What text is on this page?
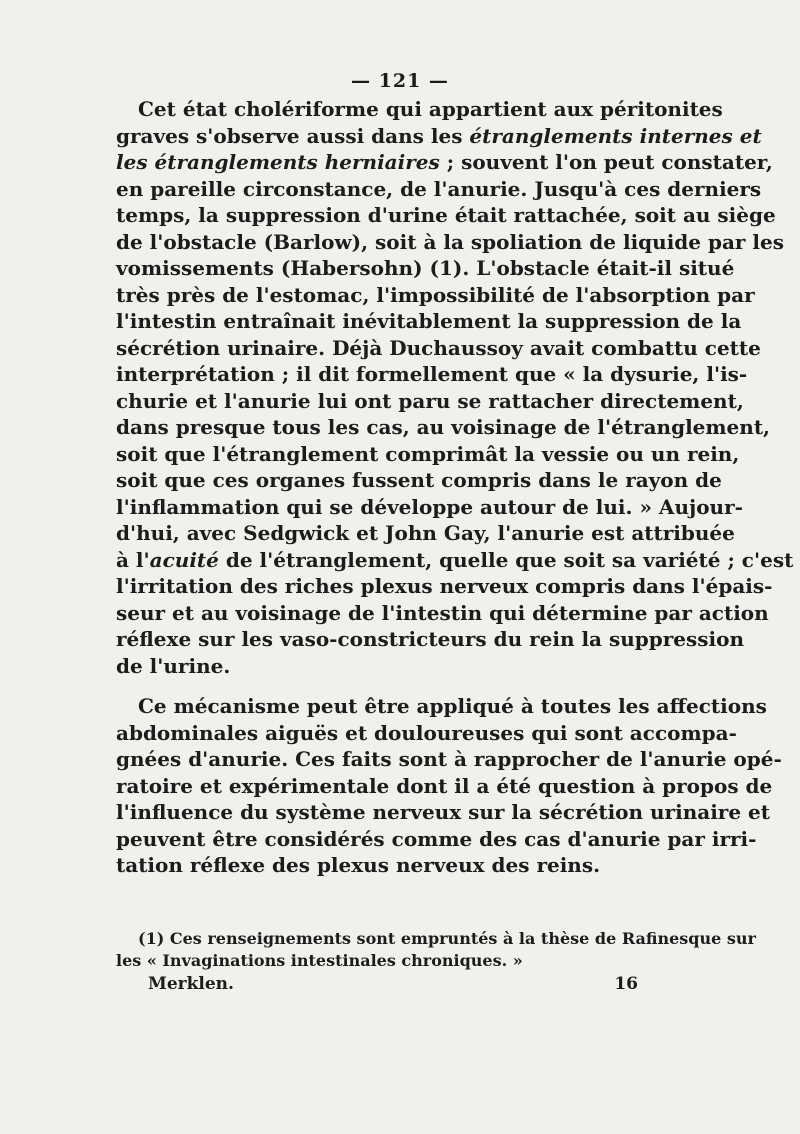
— 121 —
Cet état cholériforme qui appartient aux péritonites
graves s'observe aussi dans les étranglements internes et
les étranglements herniaires ; souvent l'on peut constater,
en pareille circonstance, de l'anurie. Jusqu'à ces derniers
temps, la suppression d'urine était rattachée, soit au siège
de l'obstacle (Barlow), soit à la spoliation de liquide par les
vomissements (Habersohn) (1). L'obstacle était-il situé
très près de l'estomac, l'impossibilité de l'absorption par
l'intestin entraînait inévitablement la suppression de la
sécrétion urinaire. Déjà Duchaussoy avait combattu cette
interprétation ; il dit formellement que « la dysurie, l'is-
churie et l'anurie lui ont paru se rattacher directement,
dans presque tous les cas, au voisinage de l'étranglement,
soit que l'étranglement comprimât la vessie ou un rein,
soit que ces organes fussent compris dans le rayon de
l'inflammation qui se développe autour de lui. » Aujour-
d'hui, avec Sedgwick et John Gay, l'anurie est attribuée
à l'acuité de l'étranglement, quelle que soit sa variété ; c'est
l'irritation des riches plexus nerveux compris dans l'épais-
seur et au voisinage de l'intestin qui détermine par action
réflexe sur les vaso-constricteurs du rein la suppression
de l'urine.
Ce mécanisme peut être appliqué à toutes les affections
abdominales aiguës et douloureuses qui sont accompa-
gnées d'anurie. Ces faits sont à rapprocher de l'anurie opé-
ratoire et expérimentale dont il a été question à propos de
l'influence du système nerveux sur la sécrétion urinaire et
peuvent être considérés comme des cas d'anurie par irri-
tation réflexe des plexus nerveux des reins.
(1) Ces renseignements sont empruntés à la thèse de Rafinesque sur
les « Invaginations intestinales chroniques. »
Merklen.	16
